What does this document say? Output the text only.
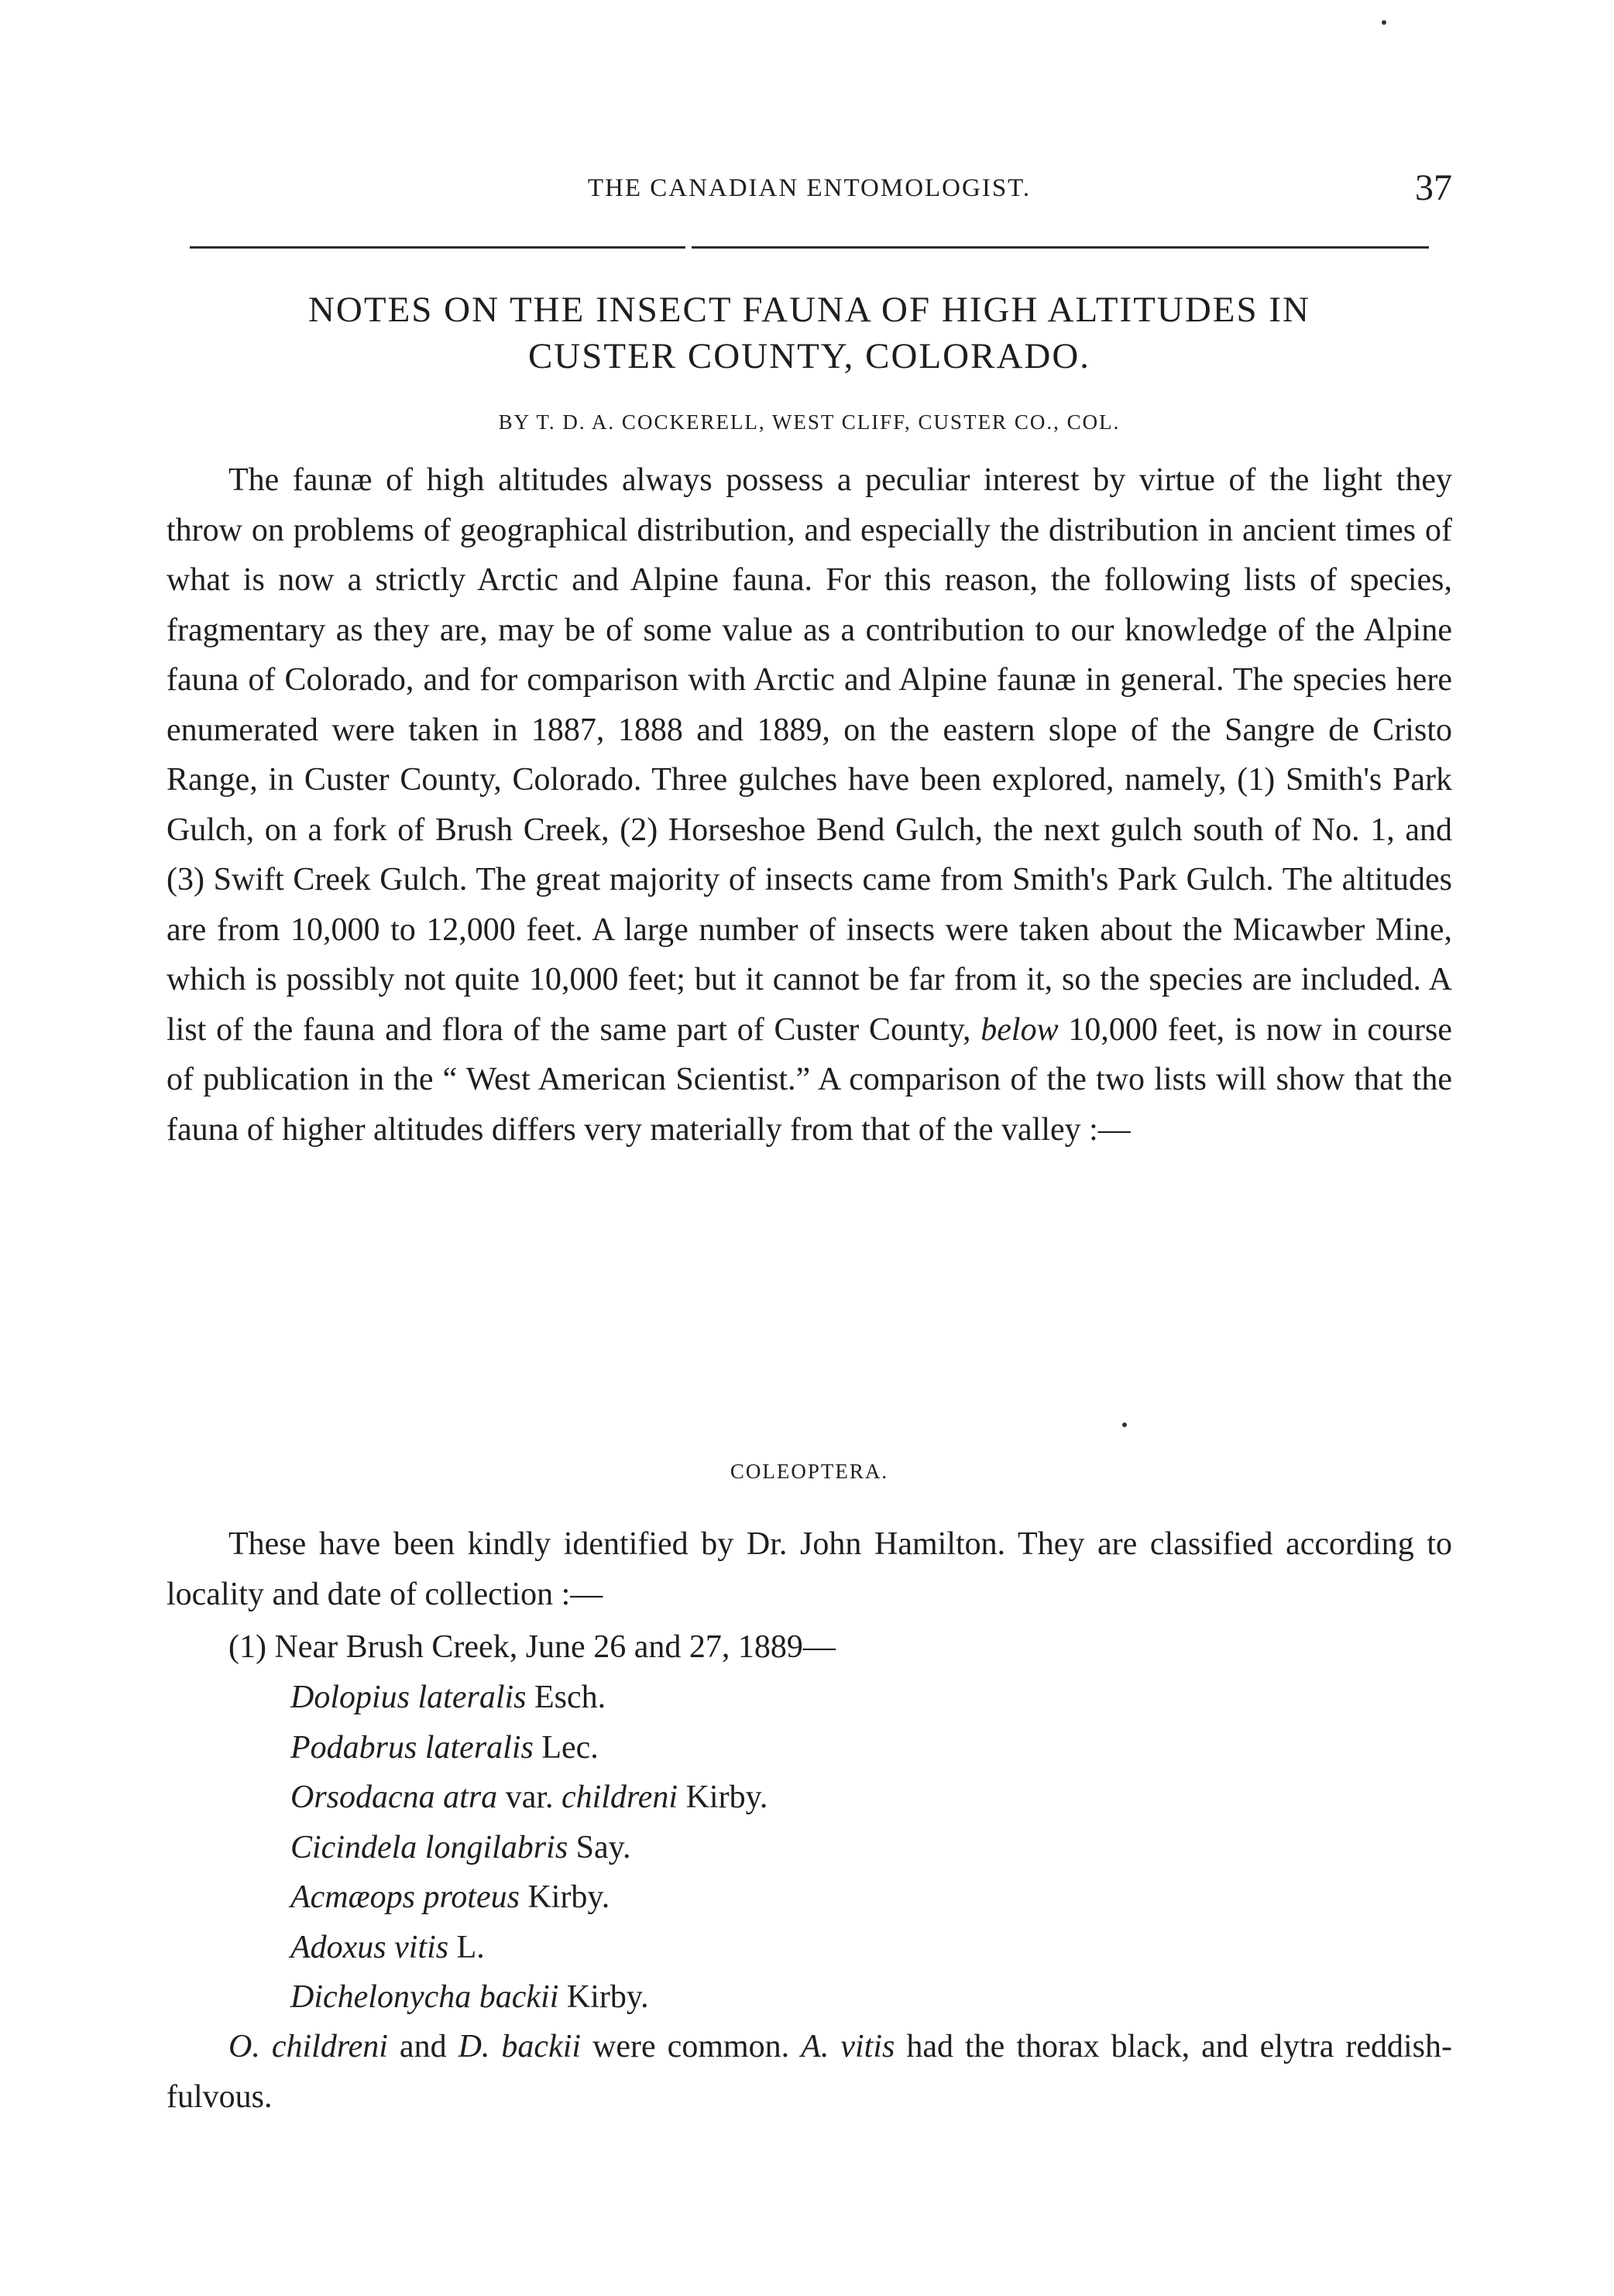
THE CANADIAN ENTOMOLOGIST.	37
NOTES ON THE INSECT FAUNA OF HIGH ALTITUDES IN
CUSTER COUNTY, COLORADO.
BY T. D. A. COCKERELL, WEST CLIFF, CUSTER CO., COL.

The faunæ of high altitudes always possess a peculiar interest by virtue of the light they throw on problems of geographical distribution, and especially the distribution in ancient times of what is now a strictly Arctic and Alpine fauna. For this reason, the following lists of species, fragmentary as they are, may be of some value as a contribution to our knowledge of the Alpine fauna of Colorado, and for comparison with Arctic and Alpine faunæ in general. The species here enumerated were taken in 1887, 1888 and 1889, on the eastern slope of the Sangre de Cristo Range, in Custer County, Colorado. Three gulches have been explored, namely, (1) Smith's Park Gulch, on a fork of Brush Creek, (2) Horseshoe Bend Gulch, the next gulch south of No. 1, and (3) Swift Creek Gulch. The great majority of insects came from Smith's Park Gulch. The altitudes are from 10,000 to 12,000 feet. A large number of insects were taken about the Micawber Mine, which is possibly not quite 10,000 feet; but it cannot be far from it, so the species are included. A list of the fauna and flora of the same part of Custer County, below 10,000 feet, is now in course of publication in the “ West American Scientist.” A comparison of the two lists will show that the fauna of higher altitudes differs very materially from that of the valley :—

COLEOPTERA.

These have been kindly identified by Dr. John Hamilton. They are classified according to locality and date of collection :—

(1) Near Brush Creek, June 26 and 27, 1889—
Dolopius lateralis Esch.
Podabrus lateralis Lec.
Orsodacna atra var. childreni Kirby.
Cicindela longilabris Say.
Acmæops proteus Kirby.
Adoxus vitis L.
Dichelonycha backii Kirby.

O. childreni and D. backii were common. A. vitis had the thorax black, and elytra reddish-fulvous.
